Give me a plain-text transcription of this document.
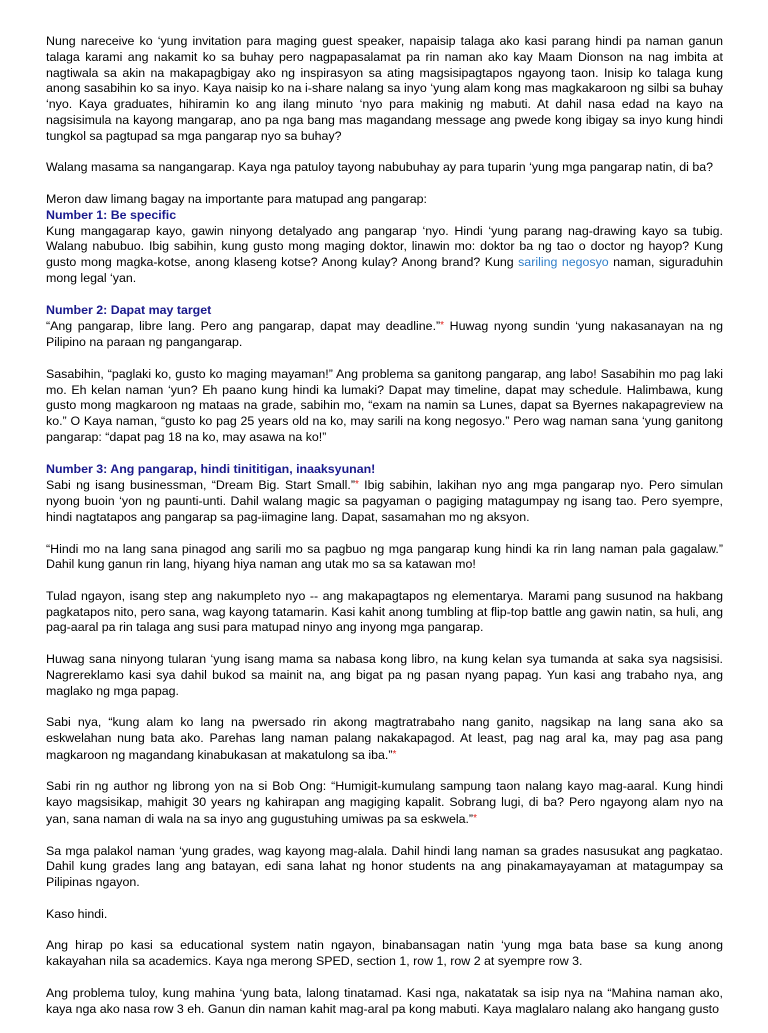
Nung nareceive ko ‘yung invitation para maging guest speaker, napaisip talaga ako kasi parang hindi pa naman ganun talaga karami ang nakamit ko sa buhay pero nagpapasalamat pa rin naman ako kay Maam Dionson na nag imbita at nagtiwala sa akin na makapagbigay ako ng inspirasyon sa ating magsisipagtapos ngayong taon. Inisip ko talaga kung anong sasabihin ko sa inyo. Kaya naisip ko na i-share nalang sa inyo ‘yung alam kong mas magkakaroon ng silbi sa buhay ‘nyo. Kaya graduates, hihiramin ko ang ilang minuto ‘nyo para makinig ng mabuti. At dahil nasa edad na kayo na nagsisimula na kayong mangarap, ano pa nga bang mas magandang message ang pwede kong ibigay sa inyo kung hindi tungkol sa pagtupad sa mga pangarap nyo sa buhay?

Walang masama sa nangangarap. Kaya nga patuloy tayong nabubuhay ay para tuparin ‘yung mga pangarap natin, di ba?

Meron daw limang bagay na importante para matupad ang pangarap:

Number 1: Be specific

Kung mangagarap kayo, gawin ninyong detalyado ang pangarap ‘nyo. Hindi ‘yung parang nag-drawing kayo sa tubig. Walang nabubuo. Ibig sabihin, kung gusto mong maging doktor, linawin mo: doktor ba ng tao o doctor ng hayop? Kung gusto mong magka-kotse, anong klaseng kotse? Anong kulay? Anong brand? Kung sariling negosyo naman, siguraduhin mong legal ‘yan.

Number 2: Dapat may target

“Ang pangarap, libre lang. Pero ang pangarap, dapat may deadline.”* Huwag nyong sundin ‘yung nakasanayan na ng Pilipino na paraan ng pangangarap.

Sasabihin, “paglaki ko, gusto ko maging mayaman!” Ang problema sa ganitong pangarap, ang labo! Sasabihin mo pag laki mo. Eh kelan naman ‘yun? Eh paano kung hindi ka lumaki? Dapat may timeline, dapat may schedule. Halimbawa, kung gusto mong magkaroon ng mataas na grade, sabihin mo, “exam na namin sa Lunes, dapat sa Byernes nakapagreview na ko.” O Kaya naman, “gusto ko pag 25 years old na ko, may sarili na kong negosyo.” Pero wag naman sana ‘yung ganitong pangarap: “dapat pag 18 na ko, may asawa na ko!”

Number 3: Ang pangarap, hindi tinititigan, inaaksyunan!

Sabi ng isang businessman, “Dream Big. Start Small.”* Ibig sabihin, lakihan nyo ang mga pangarap nyo. Pero simulan nyong buoin ‘yon ng paunti-unti. Dahil walang magic sa pagyaman o pagiging matagumpay ng isang tao. Pero syempre, hindi nagtatapos ang pangarap sa pag-iimagine lang. Dapat, sasamahan mo ng aksyon.

“Hindi mo na lang sana pinagod ang sarili mo sa pagbuo ng mga pangarap kung hindi ka rin lang naman pala gagalaw.” Dahil kung ganun rin lang, hiyang hiya naman ang utak mo sa sa katawan mo!

Tulad ngayon, isang step ang nakumpleto nyo -- ang makapagtapos ng elementarya. Marami pang susunod na hakbang pagkatapos nito, pero sana, wag kayong tatamarin. Kasi kahit anong tumbling at flip-top battle ang gawin natin, sa huli, ang pag-aaral pa rin talaga ang susi para matupad ninyo ang inyong mga pangarap.

Huwag sana ninyong tularan ‘yung isang mama sa nabasa kong libro, na kung kelan sya tumanda at saka sya nagsisisi. Nagrereklamo kasi sya dahil bukod sa mainit na, ang bigat pa ng pasan nyang papag. Yun kasi ang trabaho nya, ang maglako ng mga papag.

Sabi nya, “kung alam ko lang na pwersado rin akong magtratrabaho nang ganito, nagsikap na lang sana ako sa eskwelahan nung bata ako. Parehas lang naman palang nakakapagod. At least, pag nag aral ka, may pag asa pang magkaroon ng magandang kinabukasan at makatulong sa iba.”*

Sabi rin ng author ng librong yon na si Bob Ong: “Humigit-kumulang sampung taon nalang kayo mag-aaral. Kung hindi kayo magsisikap, mahigit 30 years ng kahirapan ang magiging kapalit. Sobrang lugi, di ba? Pero ngayong alam nyo na yan, sana naman di wala na sa inyo ang gugustuhing umiwas pa sa eskwela.”*

Sa mga palakol naman ‘yung grades, wag kayong mag-alala. Dahil hindi lang naman sa grades nasusukat ang pagkatao. Dahil kung grades lang ang batayan, edi sana lahat ng honor students na ang pinakamayayaman at matagumpay sa Pilipinas ngayon.

Kaso hindi.

Ang hirap po kasi sa educational system natin ngayon, binabansagan natin ‘yung mga bata base sa kung anong kakayahan nila sa academics. Kaya nga merong SPED, section 1, row 1, row 2 at syempre row 3.

Ang problema tuloy, kung mahina ‘yung bata, lalong tinatamad. Kasi nga, nakatatak sa isip nya na “Mahina naman ako, kaya nga ako nasa row 3 eh. Ganun din naman kahit mag-aral pa kong mabuti. Kaya maglalaro nalang ako hangang gusto
